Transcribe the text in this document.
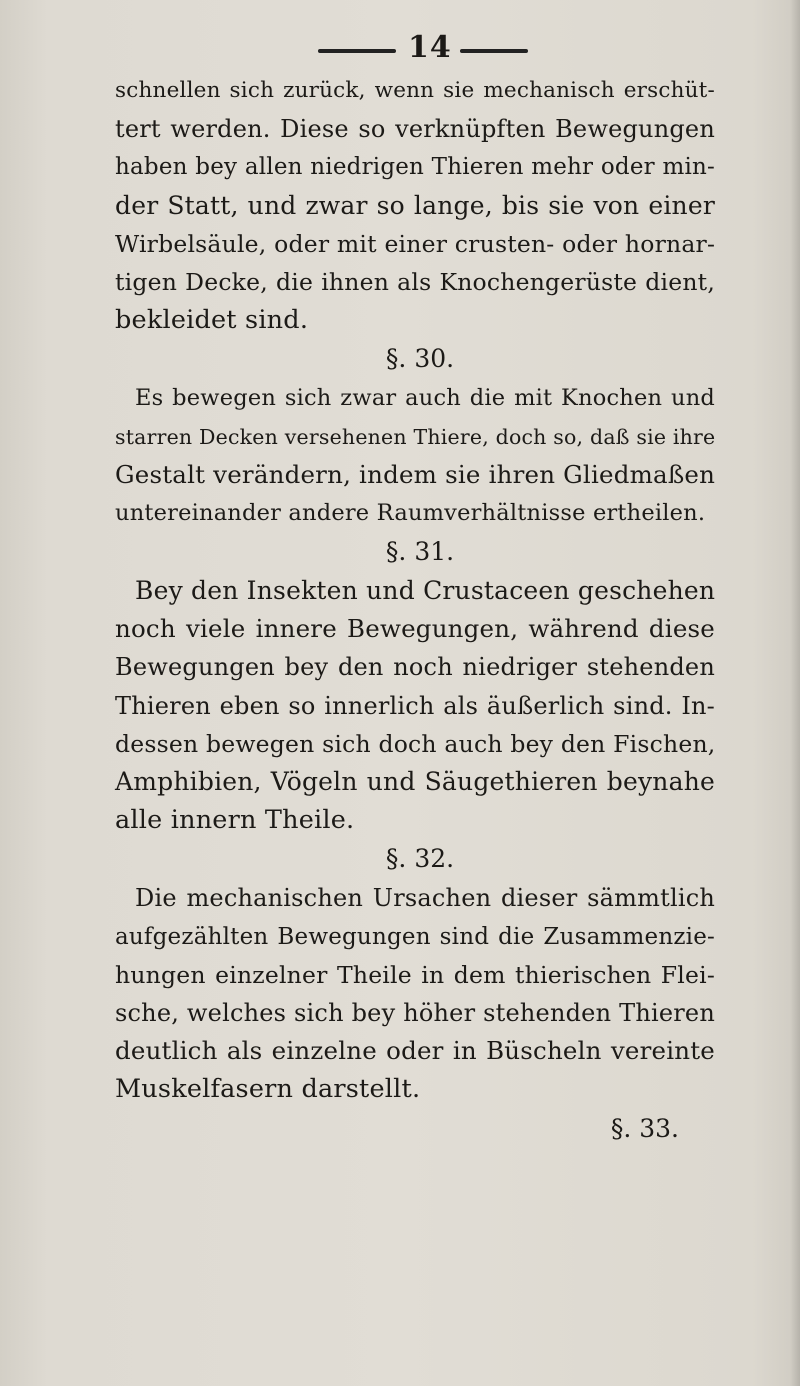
14
schnellen sich zurück, wenn sie mechanisch erschüt-
tert werden. Diese so verknüpften Bewegungen
haben bey allen niedrigen Thieren mehr oder min-
der Statt, und zwar so lange, bis sie von einer
Wirbelsäule, oder mit einer crusten- oder hornar-
tigen Decke, die ihnen als Knochengerüste dient,
bekleidet sind.
§. 30.
Es bewegen sich zwar auch die mit Knochen und
starren Decken versehenen Thiere, doch so, daß sie ihre
Gestalt verändern, indem sie ihren Gliedmaßen
untereinander andere Raumverhältnisse ertheilen.
§. 31.
Bey den Insekten und Crustaceen geschehen
noch viele innere Bewegungen, während diese
Bewegungen bey den noch niedriger stehenden
Thieren eben so innerlich als äußerlich sind. In-
dessen bewegen sich doch auch bey den Fischen,
Amphibien, Vögeln und Säugethieren beynahe
alle innern Theile.
§. 32.
Die mechanischen Ursachen dieser sämmtlich
aufgezählten Bewegungen sind die Zusammenzie-
hungen einzelner Theile in dem thierischen Flei-
sche, welches sich bey höher stehenden Thieren
deutlich als einzelne oder in Büscheln vereinte
Muskelfasern darstellt.
§. 33.
